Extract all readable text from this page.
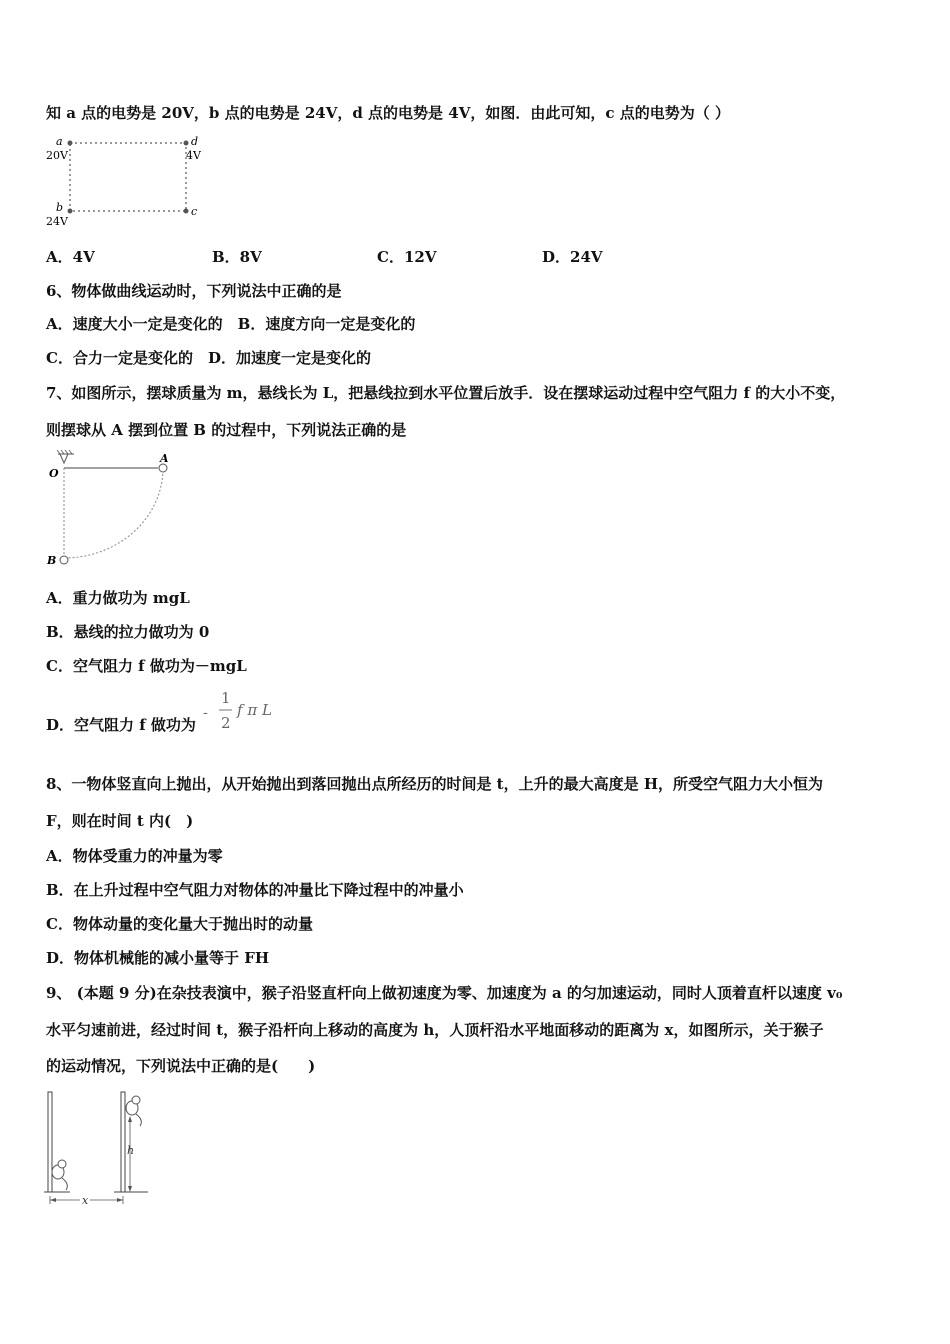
知 a 点的电势是 20V，b 点的电势是 24V，d 点的电势是 4V，如图．由此可知，c 点的电势为（ ）
a
20V
d
4V
b
24V
c
A．4V	B．8V	C．12V	D．24V
6、物体做曲线运动时，下列说法中正确的是
A．速度大小一定是变化的　B．速度方向一定是变化的
C．合力一定是变化的　D．加速度一定是变化的
7、如图所示，摆球质量为 m，悬线长为 L，把悬线拉到水平位置后放手．设在摆球运动过程中空气阻力 f 的大小不变，
则摆球从 A 摆到位置 B 的过程中，下列说法正确的是
O
A
B
A．重力做功为 mgL
B．悬线的拉力做功为 0
C．空气阻力 f 做功为－mgL
D．空气阻力 f 做功为
-
1
2
f π L
8、一物体竖直向上抛出，从开始抛出到落回抛出点所经历的时间是 t，上升的最大高度是 H，所受空气阻力大小恒为
F，则在时间 t 内(　)
A．物体受重力的冲量为零
B．在上升过程中空气阻力对物体的冲量比下降过程中的冲量小
C．物体动量的变化量大于抛出时的动量
D．物体机械能的减小量等于 FH
9、 (本题 9 分)在杂技表演中，猴子沿竖直杆向上做初速度为零、加速度为 a 的匀加速运动，同时人顶着直杆以速度 v₀
水平匀速前进，经过时间 t，猴子沿杆向上移动的高度为 h，人顶杆沿水平地面移动的距离为 x，如图所示，关于猴子
的运动情况，下列说法中正确的是(　　)
h
x
